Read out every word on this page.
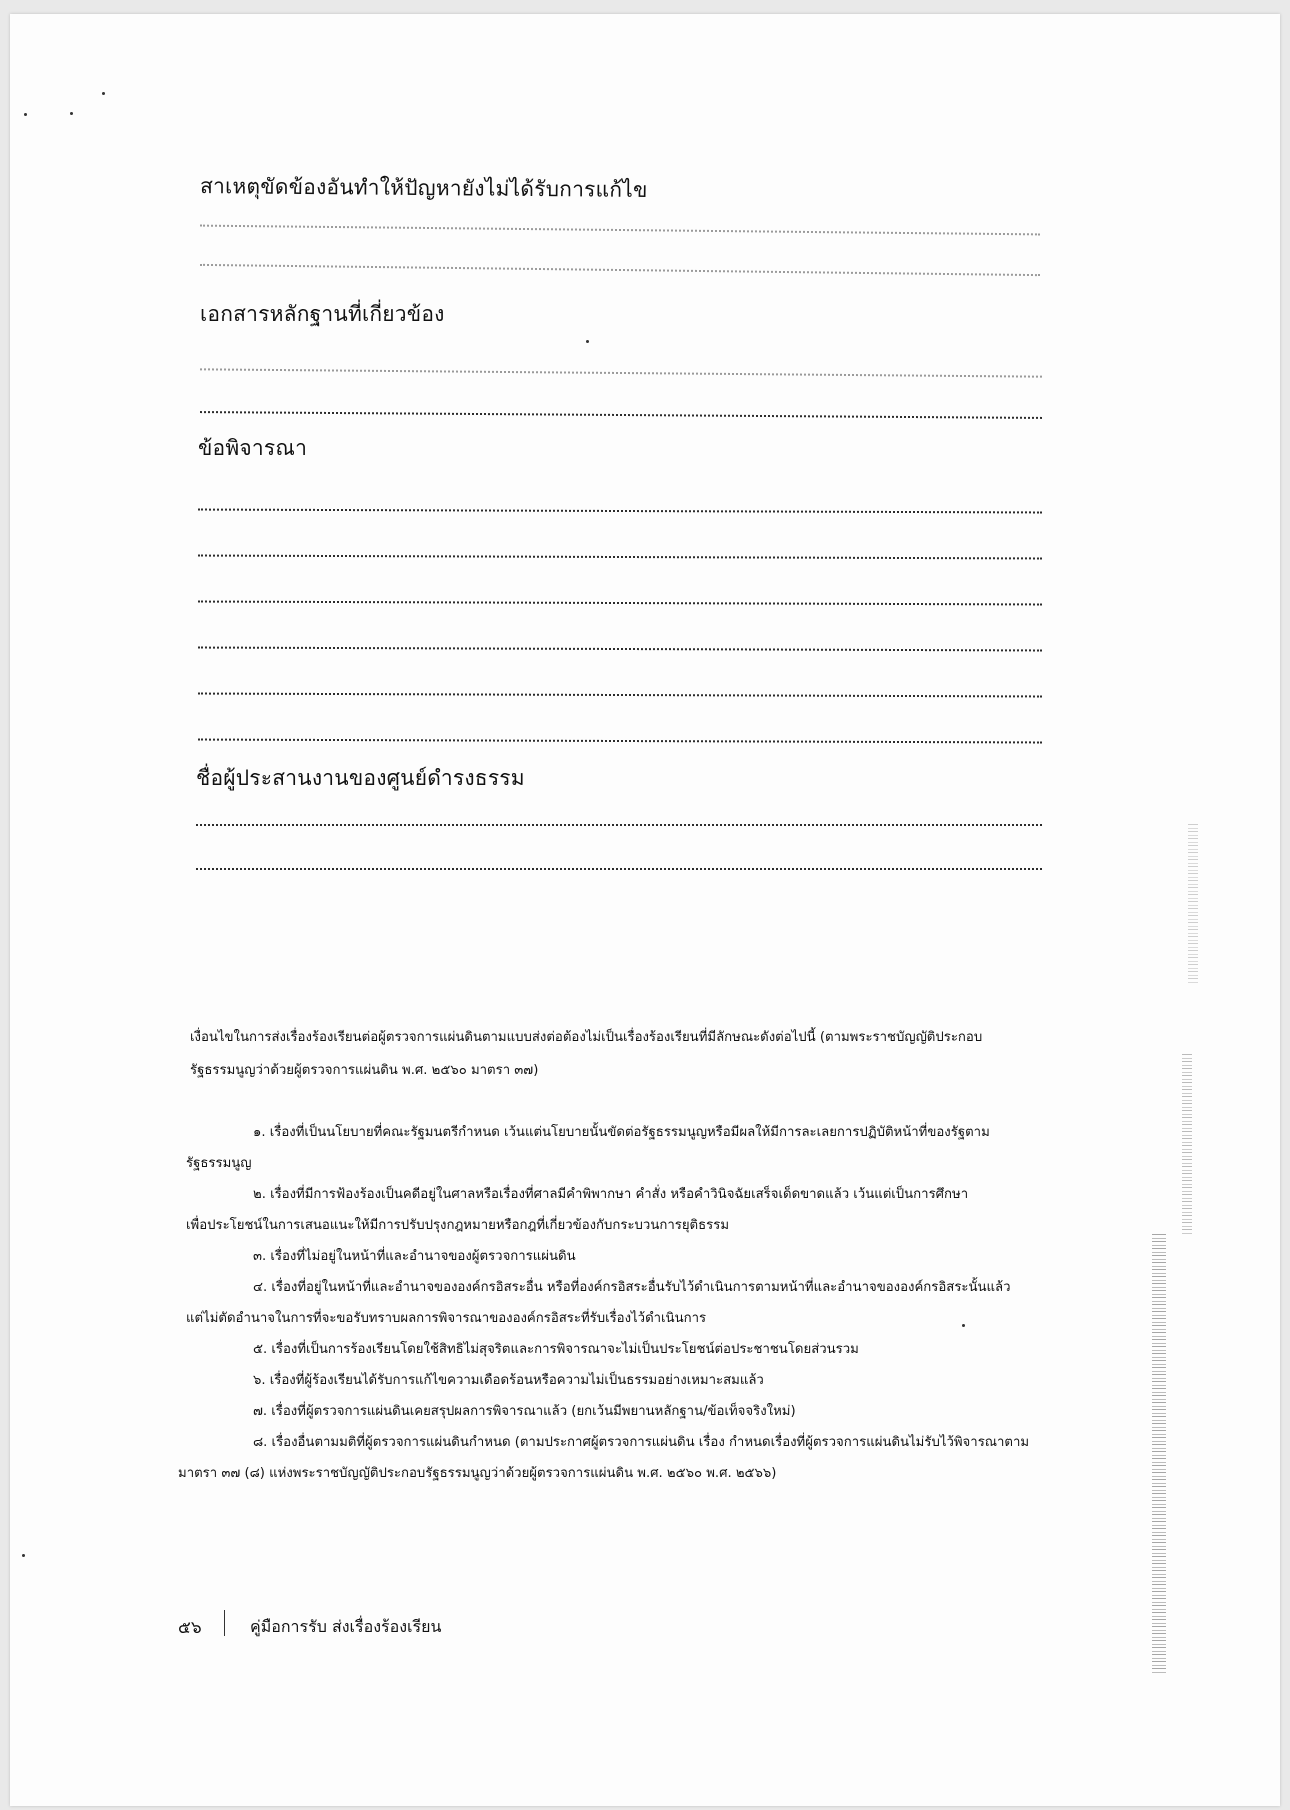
สาเหตุขัดข้องอันทำให้ปัญหายังไม่ได้รับการแก้ไข
เอกสารหลักฐานที่เกี่ยวข้อง
ข้อพิจารณา
ชื่อผู้ประสานงานของศูนย์ดำรงธรรม
เงื่อนไขในการส่งเรื่องร้องเรียนต่อผู้ตรวจการแผ่นดินตามแบบส่งต่อต้องไม่เป็นเรื่องร้องเรียนที่มีลักษณะดังต่อไปนี้ (ตามพระราชบัญญัติประกอบ
รัฐธรรมนูญว่าด้วยผู้ตรวจการแผ่นดิน พ.ศ. ๒๕๖๐ มาตรา ๓๗)
๑. เรื่องที่เป็นนโยบายที่คณะรัฐมนตรีกำหนด เว้นแต่นโยบายนั้นขัดต่อรัฐธรรมนูญหรือมีผลให้มีการละเลยการปฏิบัติหน้าที่ของรัฐตาม
รัฐธรรมนูญ
๒. เรื่องที่มีการฟ้องร้องเป็นคดีอยู่ในศาลหรือเรื่องที่ศาลมีคำพิพากษา คำสั่ง หรือคำวินิจฉัยเสร็จเด็ดขาดแล้ว เว้นแต่เป็นการศึกษา
เพื่อประโยชน์ในการเสนอแนะให้มีการปรับปรุงกฎหมายหรือกฎที่เกี่ยวข้องกับกระบวนการยุติธรรม
๓. เรื่องที่ไม่อยู่ในหน้าที่และอำนาจของผู้ตรวจการแผ่นดิน
๔. เรื่องที่อยู่ในหน้าที่และอำนาจขององค์กรอิสระอื่น หรือที่องค์กรอิสระอื่นรับไว้ดำเนินการตามหน้าที่และอำนาจขององค์กรอิสระนั้นแล้ว
แต่ไม่ตัดอำนาจในการที่จะขอรับทราบผลการพิจารณาขององค์กรอิสระที่รับเรื่องไว้ดำเนินการ
๕. เรื่องที่เป็นการร้องเรียนโดยใช้สิทธิไม่สุจริตและการพิจารณาจะไม่เป็นประโยชน์ต่อประชาชนโดยส่วนรวม
๖. เรื่องที่ผู้ร้องเรียนได้รับการแก้ไขความเดือดร้อนหรือความไม่เป็นธรรมอย่างเหมาะสมแล้ว
๗. เรื่องที่ผู้ตรวจการแผ่นดินเคยสรุปผลการพิจารณาแล้ว (ยกเว้นมีพยานหลักฐาน/ข้อเท็จจริงใหม่)
๘. เรื่องอื่นตามมติที่ผู้ตรวจการแผ่นดินกำหนด (ตามประกาศผู้ตรวจการแผ่นดิน เรื่อง กำหนดเรื่องที่ผู้ตรวจการแผ่นดินไม่รับไว้พิจารณาตาม
มาตรา ๓๗ (๘) แห่งพระราชบัญญัติประกอบรัฐธรรมนูญว่าด้วยผู้ตรวจการแผ่นดิน พ.ศ. ๒๕๖๐ พ.ศ. ๒๕๖๖)
๕๖	คู่มือการรับ ส่งเรื่องร้องเรียน
